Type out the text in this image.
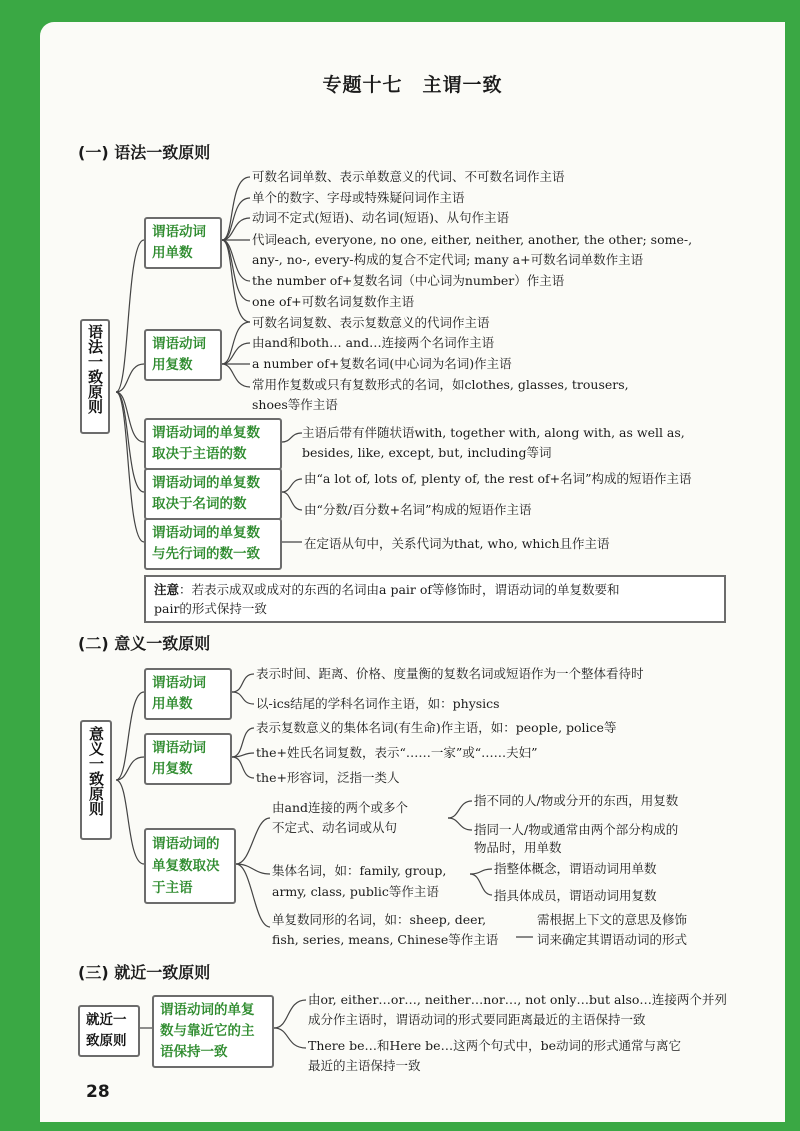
专题十七　主谓一致
(一) 语法一致原则
语法一致原则
谓语动词
用单数
可数名词单数、表示单数意义的代词、不可数名词作主语
单个的数字、字母或特殊疑问词作主语
动词不定式(短语)、动名词(短语)、从句作主语
代词each, everyone, no one, either, neither, another, the other; some-,
any-, no-, every-构成的复合不定代词; many a+可数名词单数作主语
the number of+复数名词（中心词为number）作主语
one of+可数名词复数作主语
谓语动词
用复数
可数名词复数、表示复数意义的代词作主语
由and和both… and…连接两个名词作主语
a number of+复数名词(中心词为名词)作主语
常用作复数或只有复数形式的名词，如clothes, glasses, trousers,
shoes等作主语
谓语动词的单复数
取决于主语的数
主语后带有伴随状语with, together with, along with, as well as,
besides, like, except, but, including等词
谓语动词的单复数
取决于名词的数
由“a lot of, lots of, plenty of, the rest of+名词”构成的短语作主语
由“分数/百分数+名词”构成的短语作主语
谓语动词的单复数
与先行词的数一致
在定语从句中，关系代词为that, who, which且作主语
注意：若表示成双或成对的东西的名词由a pair of等修饰时，谓语动词的单复数要和
pair的形式保持一致
(二) 意义一致原则
意义一致原则
谓语动词
用单数
表示时间、距离、价格、度量衡的复数名词或短语作为一个整体看待时
以-ics结尾的学科名词作主语，如：physics
谓语动词
用复数
表示复数意义的集体名词(有生命)作主语，如：people, police等
the+姓氏名词复数，表示“……一家”或“……夫妇”
the+形容词，泛指一类人
谓语动词的
单复数取决
于主语
由and连接的两个或多个
不定式、动名词或从句
指不同的人/物或分开的东西，用复数
指同一人/物或通常由两个部分构成的
物品时，用单数
集体名词，如：family, group,
army, class, public等作主语
指整体概念，谓语动词用单数
指具体成员，谓语动词用复数
单复数同形的名词，如：sheep, deer,
fish, series, means, Chinese等作主语
需根据上下文的意思及修饰
词来确定其谓语动词的形式
(三) 就近一致原则
就近一
致原则
谓语动词的单复
数与靠近它的主
语保持一致
由or, either…or…, neither…nor…, not only…but also…连接两个并列
成分作主语时，谓语动词的形式要同距离最近的主语保持一致
There be…和Here be…这两个句式中，be动词的形式通常与离它
最近的主语保持一致
28
